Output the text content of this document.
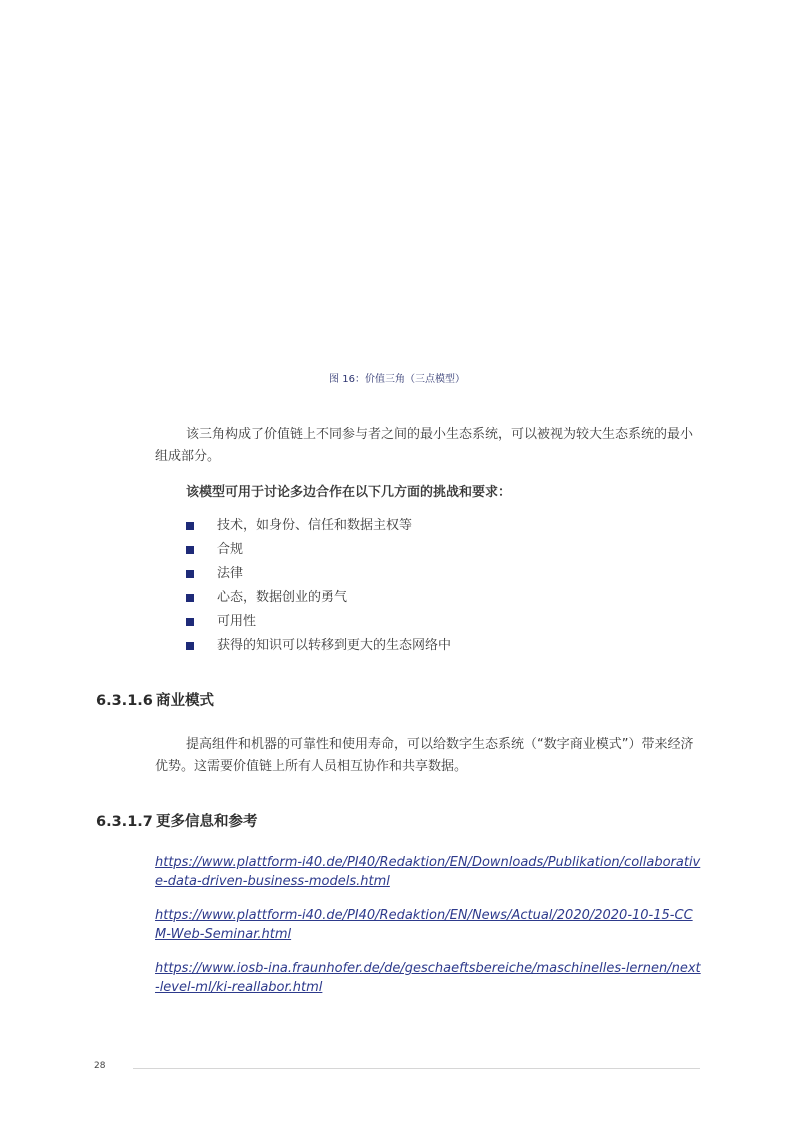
图 16：价值三角（三点模型）
该三角构成了价值链上不同参与者之间的最小生态系统，可以被视为较大生态系统的最小组成部分。
该模型可用于讨论多边合作在以下几方面的挑战和要求：
技术，如身份、信任和数据主权等
合规
法律
心态，数据创业的勇气
可用性
获得的知识可以转移到更大的生态网络中
6.3.1.6 商业模式
提高组件和机器的可靠性和使用寿命，可以给数字生态系统（“数字商业模式”）带来经济优势。这需要价值链上所有人员相互协作和共享数据。
6.3.1.7 更多信息和参考
https://www.plattform-i40.de/PI40/Redaktion/EN/Downloads/Publikation/collaborative-data-driven-business-models.html
https://www.plattform-i40.de/PI40/Redaktion/EN/News/Actual/2020/2020-10-15-CCM-Web-Seminar.html
https://www.iosb-ina.fraunhofer.de/de/geschaeftsbereiche/maschinelles-lernen/next-level-ml/ki-reallabor.html
28
